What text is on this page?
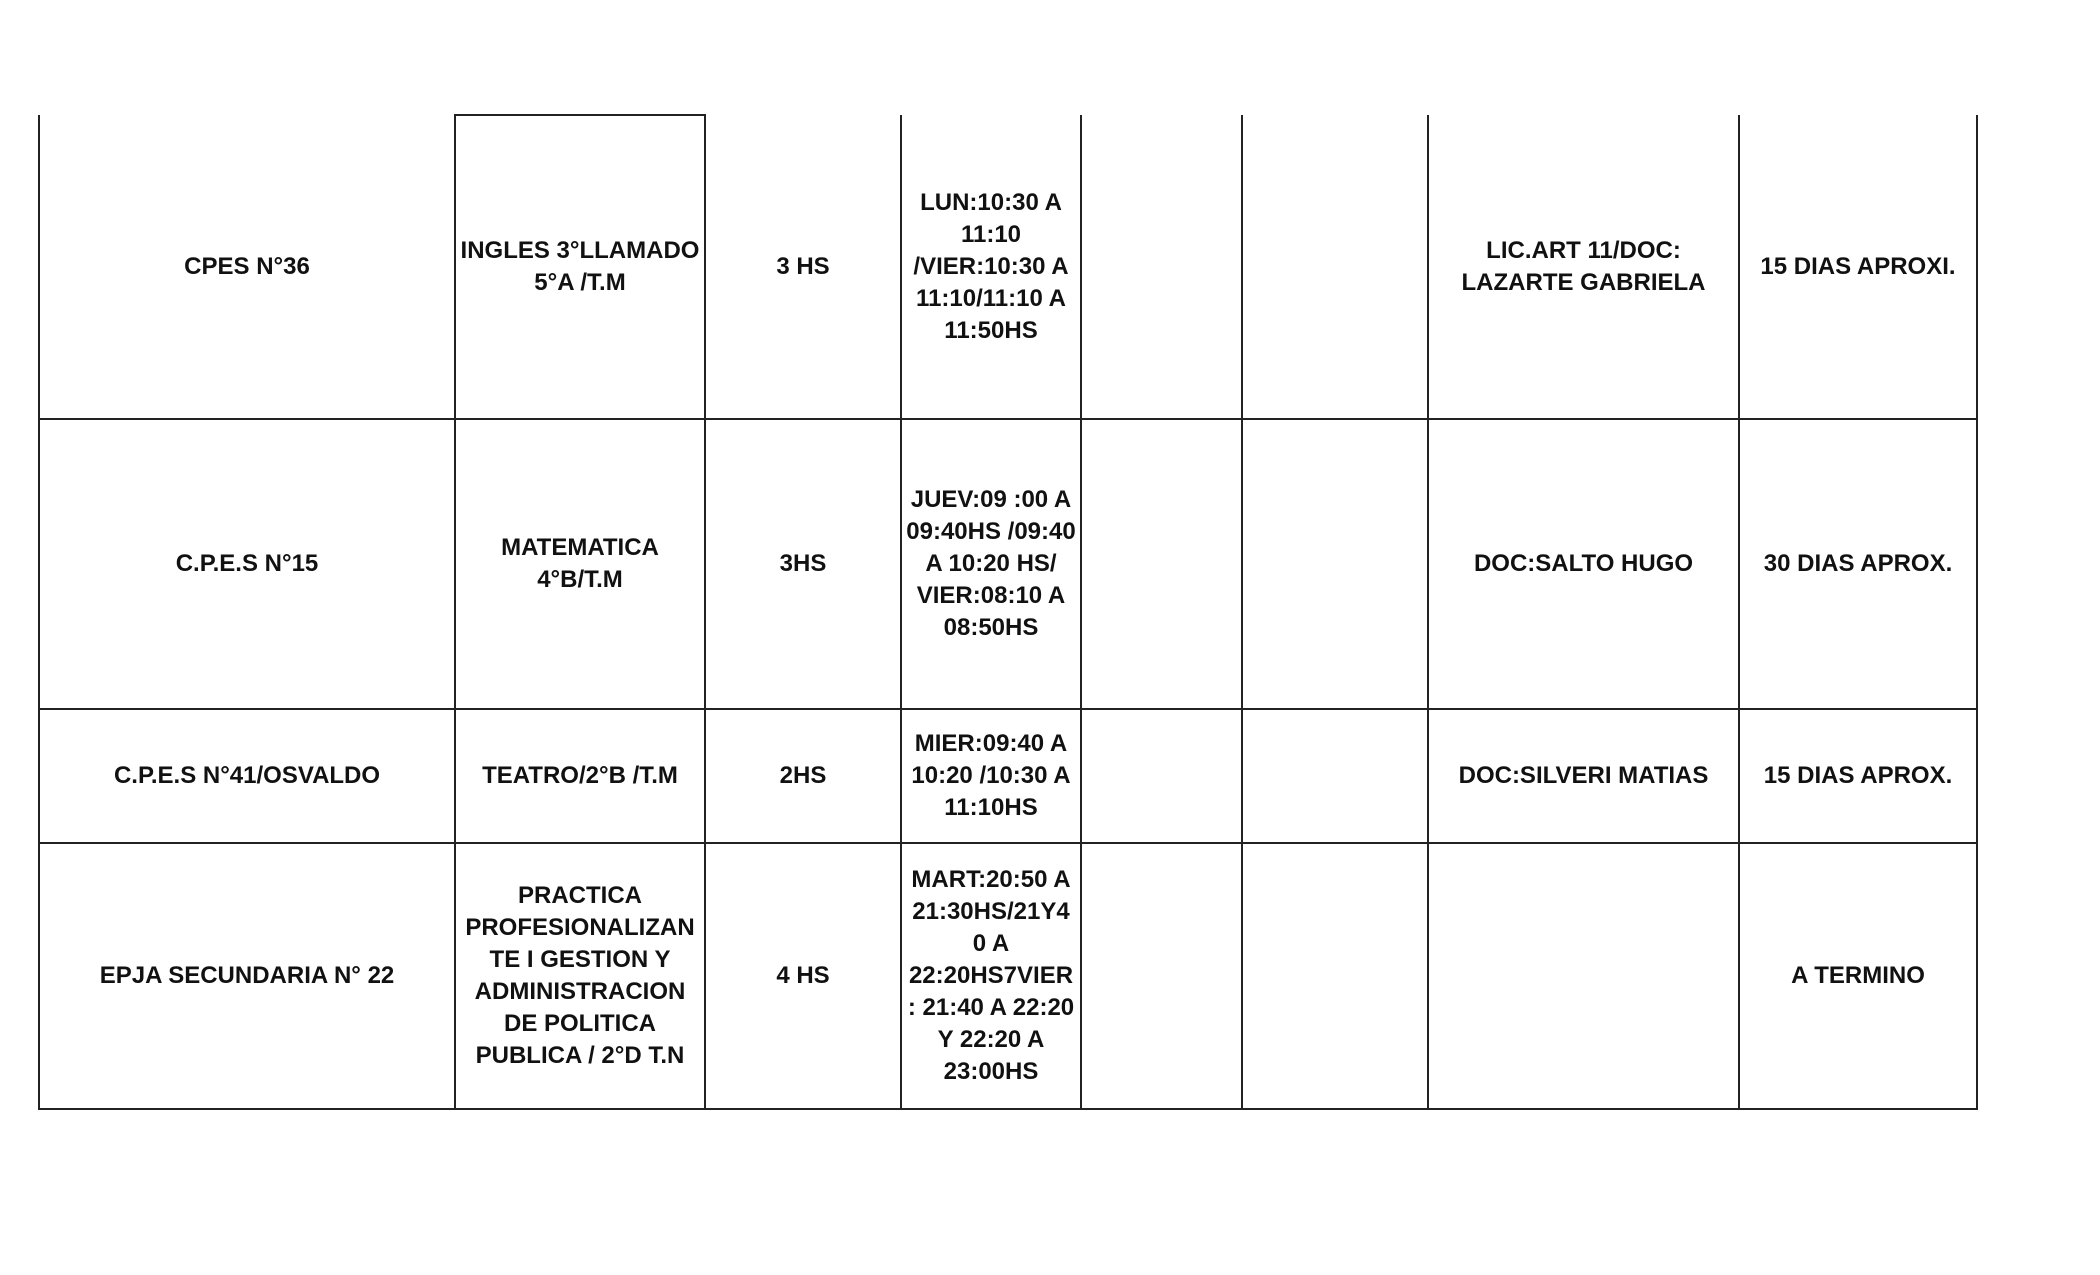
CPES N°36	INGLES 3°LLAMADO 5°A /T.M	3 HS	LUN:10:30 A 11:10 /VIER:10:30 A 11:10/11:10 A 11:50HS			LIC.ART 11/DOC: LAZARTE GABRIELA	15 DIAS APROXI.

C.P.E.S N°15	MATEMATICA 4°B/T.M	3HS	JUEV:09 :00 A 09:40HS /09:40 A 10:20 HS/ VIER:08:10 A 08:50HS			DOC:SALTO HUGO	30 DIAS APROX.

C.P.E.S N°41/OSVALDO	TEATRO/2°B /T.M	2HS	MIER:09:40 A 10:20 /10:30 A 11:10HS			DOC:SILVERI MATIAS	15 DIAS APROX.

EPJA SECUNDARIA N° 22	PRACTICA PROFESIONALIZANTE I GESTION Y ADMINISTRACION DE POLITICA PUBLICA / 2°D T.N	4 HS	MART:20:50 A 21:30HS/21Y40 A 22:20HS7VIER: 21:40 A 22:20 Y 22:20 A 23:00HS				A TERMINO
